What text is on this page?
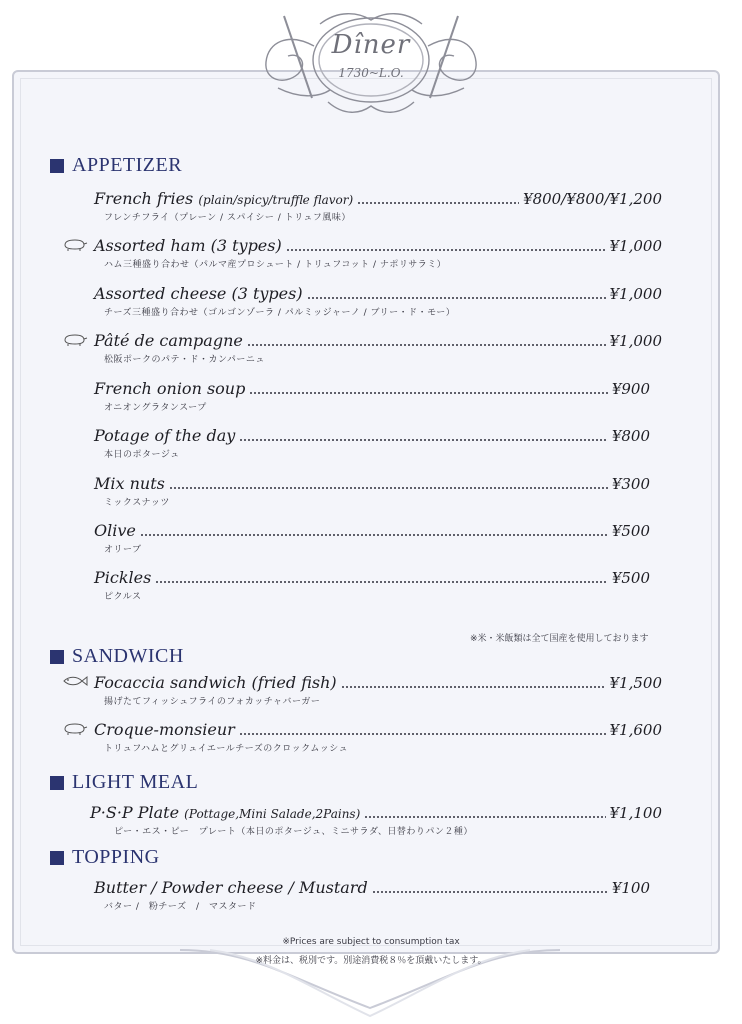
Dîner
1730~L.O.
APPETIZER
French fries (plain/spicy/truffle flavor)	¥800/¥800/¥1,200
フレンチフライ（プレーン / スパイシー / トリュフ風味）
Assorted ham (3 types)	¥1,000
ハム三種盛り合わせ（パルマ産プロシュート / トリュフコット / ナポリサラミ）
Assorted cheese (3 types)	¥1,000
チーズ三種盛り合わせ（ゴルゴンゾーラ / パルミッジャーノ / ブリー・ド・モー）
Pâté de campagne	¥1,000
松阪ポークのパテ・ド・カンパーニュ
French onion soup	¥900
オニオングラタンスープ
Potage of the day	¥800
本日のポタージュ
Mix nuts	¥300
ミックスナッツ
Olive	¥500
オリーブ
Pickles	¥500
ピクルス
※米・米飯類は全て国産を使用しております
SANDWICH
Focaccia sandwich (fried fish)	¥1,500
揚げたてフィッシュフライのフォカッチャバーガー
Croque-monsieur	¥1,600
トリュフハムとグリュイエールチーズのクロックムッシュ
LIGHT MEAL
P·S·P Plate (Pottage,Mini Salade,2Pains)	¥1,100
ピー・エス・ピー　プレート（本日のポタージュ、ミニサラダ、日替わりパン２種）
TOPPING
Butter / Powder cheese / Mustard	¥100
バター /　粉チーズ　/　マスタード
※Prices are subject to consumption tax
※料金は、税別です。別途消費税８％を頂戴いたします。
